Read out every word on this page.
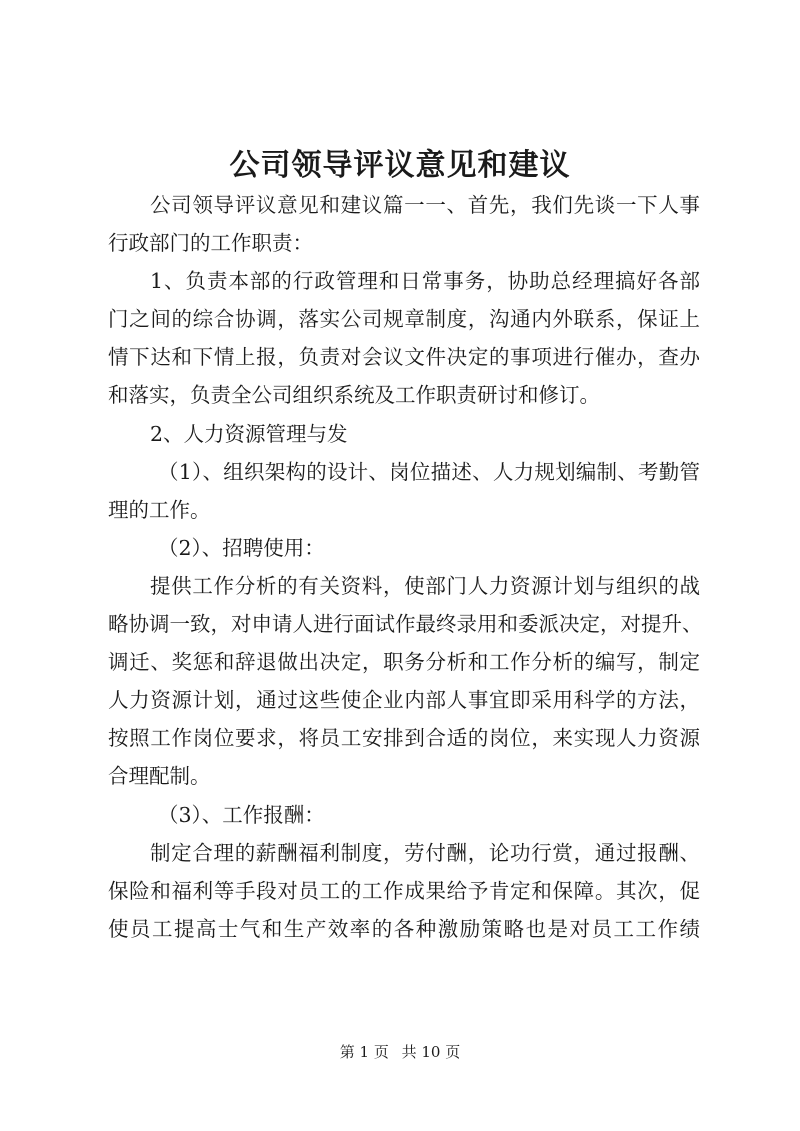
公司领导评议意见和建议
公司领导评议意见和建议篇一一、首先，我们先谈一下人事
行政部门的工作职责：
1、负责本部的行政管理和日常事务，协助总经理搞好各部
门之间的综合协调，落实公司规章制度，沟通内外联系，保证上
情下达和下情上报，负责对会议文件决定的事项进行催办，查办
和落实，负责全公司组织系统及工作职责研讨和修订。
2、人力资源管理与发
（1）、组织架构的设计、岗位描述、人力规划编制、考勤管
理的工作。
（2）、招聘使用：
提供工作分析的有关资料，使部门人力资源计划与组织的战
略协调一致，对申请人进行面试作最终录用和委派决定，对提升、
调迁、奖惩和辞退做出决定，职务分析和工作分析的编写，制定
人力资源计划，通过这些使企业内部人事宜即采用科学的方法，
按照工作岗位要求，将员工安排到合适的岗位，来实现人力资源
合理配制。
（3）、工作报酬：
制定合理的薪酬福利制度，劳付酬，论功行赏，通过报酬、
保险和福利等手段对员工的工作成果给予肯定和保障。其次，促
使员工提高士气和生产效率的各种激励策略也是对员工工作绩
第 1 页 共 10 页
